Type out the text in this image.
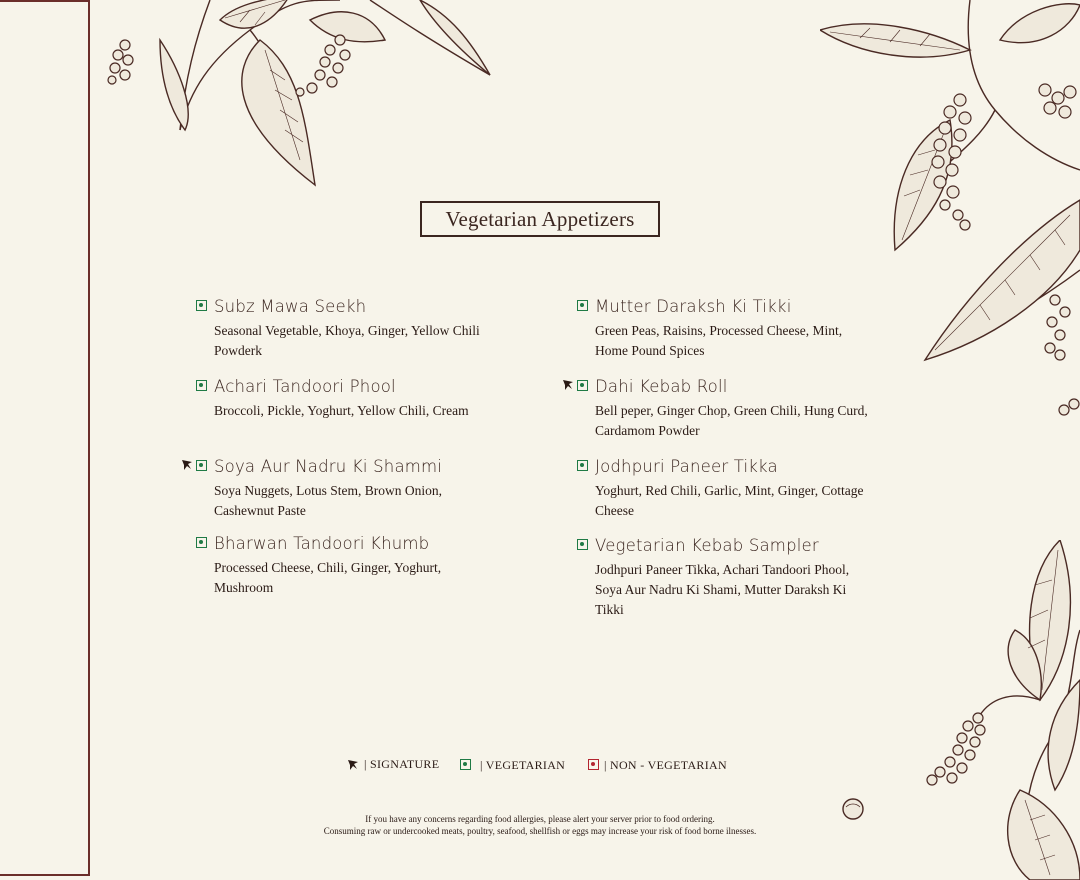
Vegetarian Appetizers
Subz Mawa Seekh
Seasonal Vegetable, Khoya, Ginger, Yellow Chili Powderk
Achari Tandoori Phool
Broccoli, Pickle, Yoghurt, Yellow Chili, Cream
Soya Aur Nadru Ki Shammi
Soya Nuggets, Lotus Stem, Brown Onion, Cashewnut Paste
Bharwan Tandoori Khumb
Processed Cheese, Chili, Ginger, Yoghurt, Mushroom
Mutter Daraksh Ki Tikki
Green Peas, Raisins, Processed Cheese, Mint, Home Pound Spices
Dahi Kebab Roll
Bell peper, Ginger Chop, Green Chili, Hung Curd, Cardamom Powder
Jodhpuri Paneer Tikka
Yoghurt, Red Chili, Garlic, Mint, Ginger, Cottage Cheese
Vegetarian Kebab Sampler
Jodhpuri Paneer Tikka, Achari Tandoori Phool, Soya Aur Nadru Ki Shami, Mutter Daraksh Ki Tikki
| SIGNATURE	| VEGETARIAN	| NON - VEGETARIAN
If you have any concerns regarding food allergies, please alert your server prior to food ordering.
Consuming raw or undercooked meats, poultry, seafood, shellfish or eggs may increase your risk of food borne ilnesses.
